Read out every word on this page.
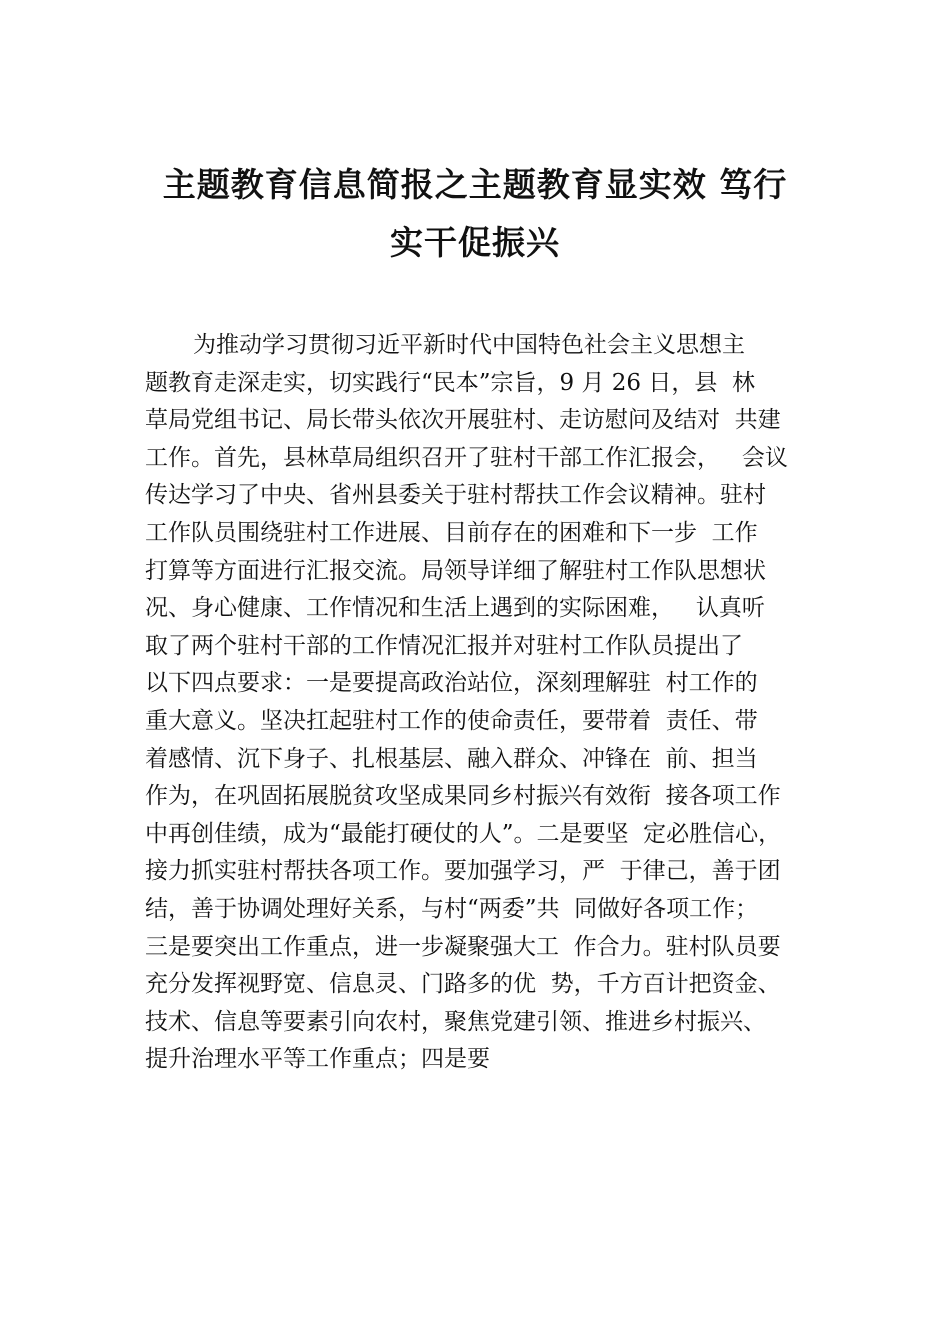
主题教育信息简报之主题教育显实效 笃行
实干促振兴
为推动学习贯彻习近平新时代中国特色社会主义思想主
题教育走深走实，切实践行“民本”宗旨，9 月 26 日，县  林
草局党组书记、局长带头依次开展驻村、走访慰问及结对  共建
工作。首先，县林草局组织召开了驻村干部工作汇报会，   会议
传达学习了中央、省州县委关于驻村帮扶工作会议精神。驻村
工作队员围绕驻村工作进展、目前存在的困难和下一步  工作
打算等方面进行汇报交流。局领导详细了解驻村工作队思想状
况、身心健康、工作情况和生活上遇到的实际困难，   认真听
取了两个驻村干部的工作情况汇报并对驻村工作队员提出了
以下四点要求：一是要提高政治站位，深刻理解驻  村工作的
重大意义。坚决扛起驻村工作的使命责任，要带着  责任、带
着感情、沉下身子、扎根基层、融入群众、冲锋在  前、担当
作为，在巩固拓展脱贫攻坚成果同乡村振兴有效衔  接各项工作
中再创佳绩，成为“最能打硬仗的人”。二是要坚  定必胜信心，
接力抓实驻村帮扶各项工作。要加强学习，严  于律己，善于团
结，善于协调处理好关系，与村“两委”共  同做好各项工作；
三是要突出工作重点，进一步凝聚强大工  作合力。驻村队员要
充分发挥视野宽、信息灵、门路多的优  势，千方百计把资金、
技术、信息等要素引向农村，聚焦党建引领、推进乡村振兴、
提升治理水平等工作重点；四是要
